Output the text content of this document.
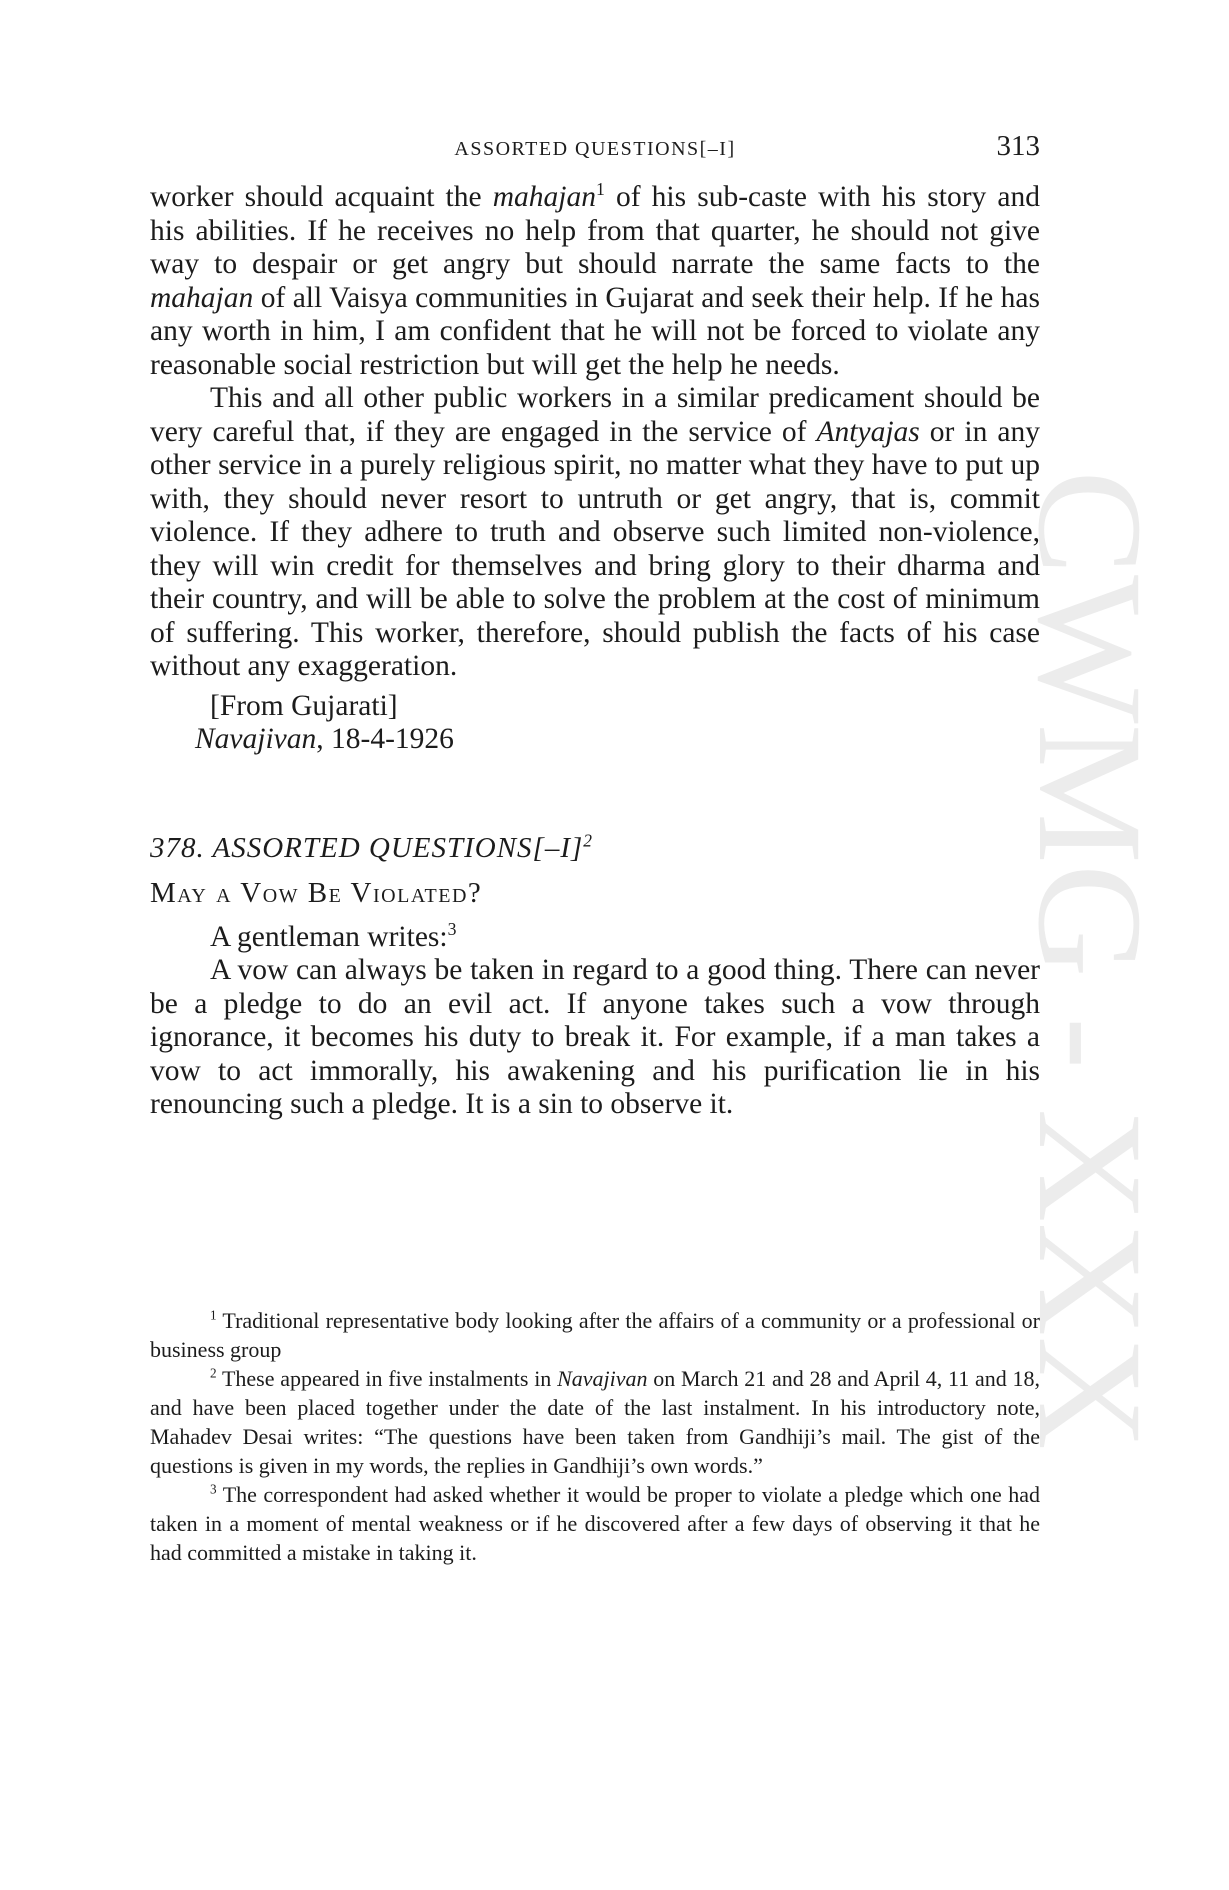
CWMG - XXX
ASSORTED QUESTIONS[–I]	313

worker should acquaint the mahajan$^1$ of his sub-caste with his story and his abilities. If he receives no help from that quarter, he should not give way to despair or get angry but should narrate the same facts to the mahajan of all Vaisya communities in Gujarat and seek their help. If he has any worth in him, I am confident that he will not be forced to violate any reasonable social restriction but will get the help he needs.

This and all other public workers in a similar predicament should be very careful that, if they are engaged in the service of Antyajas or in any other service in a purely religious spirit, no matter what they have to put up with, they should never resort to untruth or get angry, that is, commit violence. If they adhere to truth and observe such limited non-violence, they will win credit for themselves and bring glory to their dharma and their country, and will be able to solve the problem at the cost of minimum of suffering. This worker, therefore, should publish the facts of his case without any exaggeration.

[From Gujarati]

Navajivan, 18-4-1926

378. ASSORTED $QUESTIONS[-I]^2$

May a Vow Be Violated?

A gentleman writes:$^3$

A vow can always be taken in regard to a good thing. There can never be a pledge to do an evil act. If anyone takes such a vow through ignorance, it becomes his duty to break it. For example, if a man takes a vow to act immorally, his awakening and his purification lie in his renouncing such a pledge. It is a sin to observe it.

$^1$ Traditional representative body looking after the affairs of a community or a professional or business group

$^2$ These appeared in five instalments in Navajivan on March 21 and 28 and April 4, 11 and 18, and have been placed together under the date of the last instalment. In his introductory note, Mahadev Desai writes: “The questions have been taken from Gandhiji’s mail. The gist of the questions is given in my words, the replies in Gandhiji’s own words.”

$^3$ The correspondent had asked whether it would be proper to violate a pledge which one had taken in a moment of mental weakness or if he discovered after a few days of observing it that he had committed a mistake in taking it.
